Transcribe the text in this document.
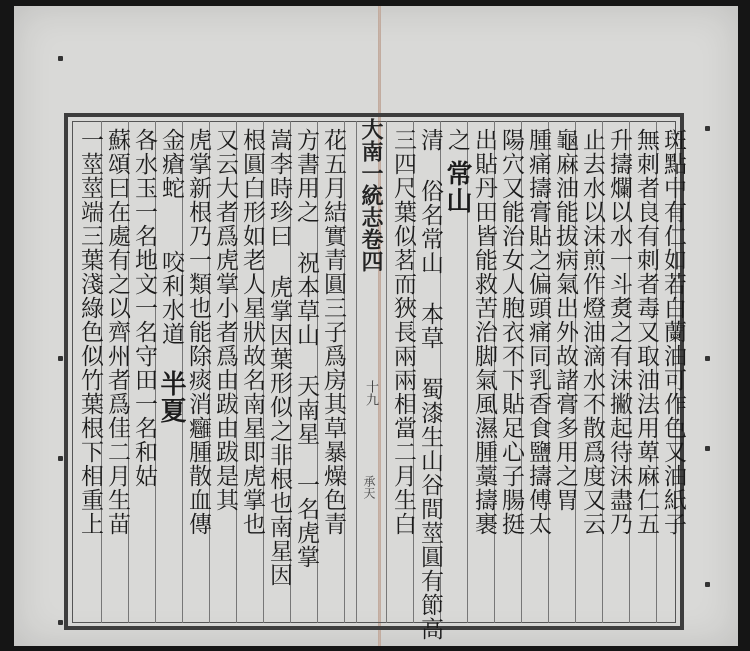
大南一統志卷四
承天
十九	斑點中有仁如若白蘭油可作色又油紙子
無刺者良有刺者毒又取油法用萆麻仁五
升擣爛以水一斗煑之有沫撇起待沫盡乃
止去水以沫煎作燈油滴水不散爲度又云
龜麻油能拔病氣出外故諸膏多用之胃
腫痛擣膏貼之偏頭痛同乳香食鹽擣傅太
陽穴又能治女人胞衣不下貼足心子腸挺
出貼丹田皆能救苦治脚氣風濕腫藁擣裹
之
常山
清 俗名常山 本草 蜀漆生山谷間莖圓有節高
三四尺葉似茗而狹長兩兩相當二月生白
花五月結實青圓三子爲房其草暴燥色青
方書用之 祝本草山 天南星 一名虎掌
嵩李時珍曰 虎掌因葉形似之非根也南星因
根圓白形如老人星狀故名南星即虎掌也
又云大者爲虎掌小者爲由跋由跋是其
虎掌新根乃一類也能除痰消癰腫散血傳
金瘡蛇
咬利水道
半夏
各水玉一名地文一名守田一名和姑
蘇頌曰在處有之以齊州者爲佳二月生苗
一莖莖端三葉淺綠色似竹葉根下相重上
